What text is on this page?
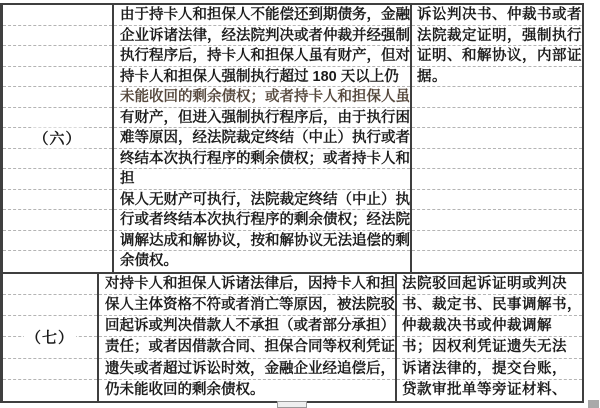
（六）
由于持卡人和担保人不能偿还到期债务，金融
企业诉诸法律，经法院判决或者仲裁并经强制
执行程序后，持卡人和担保人虽有财产，但对
持卡人和担保人强制执行超过 180 天以上仍
未能收回的剩余债权；或者持卡人和担保人虽
有财产，但进入强制执行程序后，由于执行困
难等原因，经法院裁定终结（中止）执行或者
终结本次执行程序的剩余债权；或者持卡人和
担
保人无财产可执行，法院裁定终结（中止）执
行或者终结本次执行程序的剩余债权；经法院
调解达成和解协议，按和解协议无法追偿的剩
余债权。
诉讼判决书、仲裁书或者
法院裁定证明，强制执行
证明、和解协议，内部证
据。
（七）
对持卡人和担保人诉诸法律后，因持卡人和担
保人主体资格不符或者消亡等原因，被法院驳
回起诉或判决借款人不承担（或者部分承担）
责任；或者因借款合同、担保合同等权利凭证
遗失或者超过诉讼时效，金融企业经追偿后，
仍未能收回的剩余债权。
法院驳回起诉证明或判决
书、裁定书、民事调解书，
仲裁裁决书或仲裁调解
书；因权利凭证遗失无法
诉诸法律的，提交台账，
贷款审批单等旁证材料、
